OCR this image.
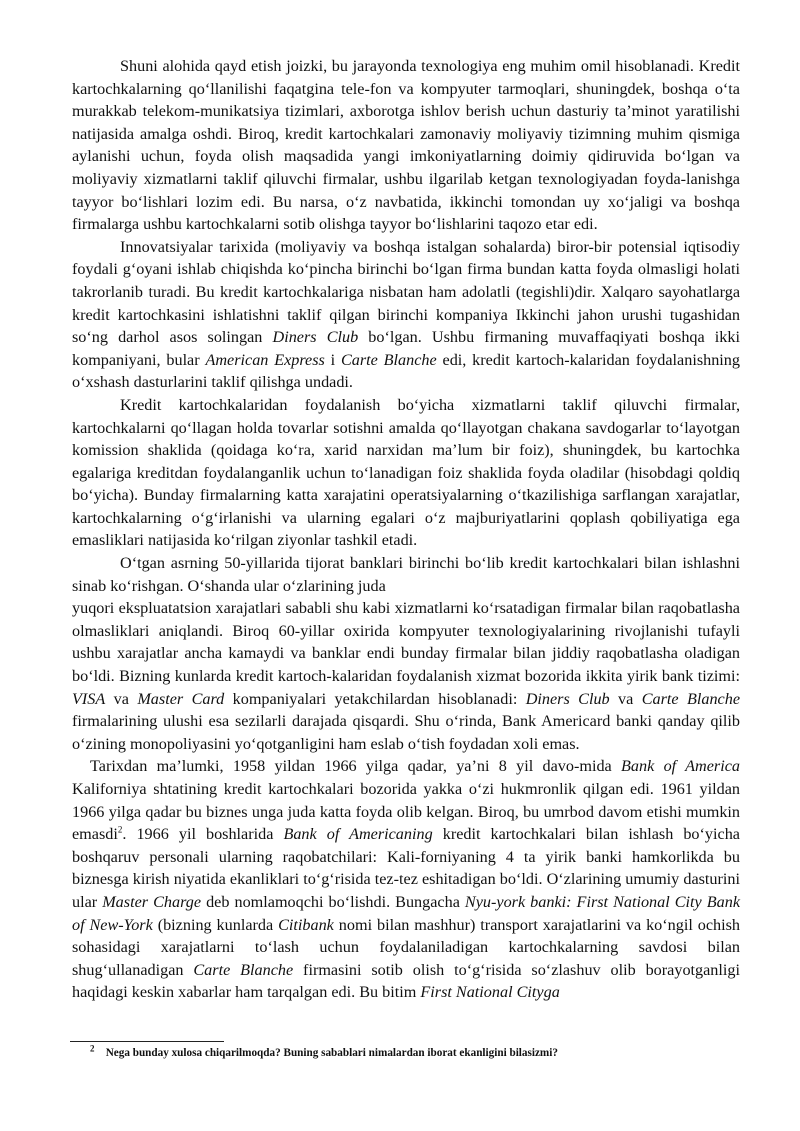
Shuni alohida qayd etish joizki, bu jarayonda texnologiya eng muhim omil hisoblanadi. Kredit kartochkalarning qo‘llanilishi faqatgina tele-fon va kompyuter tarmoqlari, shuningdek, boshqa o‘ta murakkab telekom-munikatsiya tizimlari, axborotga ishlov berish uchun dasturiy ta’minot yaratilishi natijasida amalga oshdi. Biroq, kredit kartochkalari zamonaviy moliyaviy tizimning muhim qismiga aylanishi uchun, foyda olish maqsadida yangi imkoniyatlarning doimiy qidiruvida bo‘lgan va moliyaviy xizmatlarni taklif qiluvchi firmalar, ushbu ilgarilab ketgan texnologiyadan foyda-lanishga tayyor bo‘lishlari lozim edi. Bu narsa, o‘z navbatida, ikkinchi tomondan uy xo‘jaligi va boshqa firmalarga ushbu kartochkalarni sotib olishga tayyor bo‘lishlarini taqozo etar edi.

Innovatsiyalar tarixida (moliyaviy va boshqa istalgan sohalarda) biror-bir potensial iqtisodiy foydali g‘oyani ishlab chiqishda ko‘pincha birinchi bo‘lgan firma bundan katta foyda olmasligi holati takrorlanib turadi. Bu kredit kartochkalariga nisbatan ham adolatli (tegishli)dir. Xalqaro sayohatlarga kredit kartochkasini ishlatishni taklif qilgan birinchi kompaniya Ikkinchi jahon urushi tugashidan so‘ng darhol asos solingan Diners Club bo‘lgan. Ushbu firmaning muvaffaqiyati boshqa ikki kompaniyani, bular American Express i Carte Blanche edi, kredit kartoch-kalaridan foydalanishning o‘xshash dasturlarini taklif qilishga undadi.

Kredit kartochkalaridan foydalanish bo‘yicha xizmatlarni taklif qiluvchi firmalar, kartochkalarni qo‘llagan holda tovarlar sotishni amalda qo‘llayotgan chakana savdogarlar to‘layotgan komission shaklida (qoidaga ko‘ra, xarid narxidan ma’lum bir foiz), shuningdek, bu kartochka egalariga kreditdan foydalanganlik uchun to‘lanadigan foiz shaklida foyda oladilar (hisobdagi qoldiq bo‘yicha). Bunday firmalarning katta xarajatini operatsiyalarning o‘tkazilishiga sarflangan xarajatlar, kartochkalarning o‘g‘irlanishi va ularning egalari o‘z majburiyatlarini qoplash qobiliyatiga ega emasliklari natijasida ko‘rilgan ziyonlar tashkil etadi.

O‘tgan asrning 50-yillarida tijorat banklari birinchi bo‘lib kredit kartochkalari bilan ishlashni sinab ko‘rishgan. O‘shanda ular o‘zlarining juda

yuqori ekspluatatsion xarajatlari sababli shu kabi xizmatlarni ko‘rsatadigan firmalar bilan raqobatlasha olmasliklari aniqlandi. Biroq 60-yillar oxirida kompyuter texnologiyalarining rivojlanishi tufayli ushbu xarajatlar ancha kamaydi va banklar endi bunday firmalar bilan jiddiy raqobatlasha oladigan bo‘ldi. Bizning kunlarda kredit kartoch-kalaridan foydalanish xizmat bozorida ikkita yirik bank tizimi: VISA va Master Card kompaniyalari yetakchilardan hisoblanadi: Diners Club va Carte Blanche firmalarining ulushi esa sezilarli darajada qisqardi. Shu o‘rinda, Bank Americard banki qanday qilib o‘zining monopoliyasini yo‘qotganligini ham eslab o‘tish foydadan xoli emas.

Tarixdan ma’lumki, 1958 yildan 1966 yilga qadar, ya’ni 8 yil davo-mida Bank of America Kaliforniya shtatining kredit kartochkalari bozorida yakka o‘zi hukmronlik qilgan edi. 1961 yildan 1966 yilga qadar bu biznes unga juda katta foyda olib kelgan. Biroq, bu umrbod davom etishi mumkin emasdi$^2$. 1966 yil boshlarida Bank of Americaning kredit kartochkalari bilan ishlash bo‘yicha boshqaruv personali ularning raqobatchilari: Kali-forniyaning 4 ta yirik banki hamkorlikda bu biznesga kirish niyatida ekanliklari to‘g‘risida tez-tez eshitadigan bo‘ldi. O‘zlarining umumiy dasturini ular Master Charge deb nomlamoqchi bo‘lishdi. Bungacha Nyu-york banki: First National City Bank of New-York (bizning kunlarda Citibank nomi bilan mashhur) transport xarajatlarini va ko‘ngil ochish sohasidagi xarajatlarni to‘lash uchun foydalaniladigan kartochkalarning savdosi bilan shug‘ullanadigan Carte Blanche firmasini sotib olish to‘g‘risida so‘zlashuv olib borayotganligi haqidagi keskin xabarlar ham tarqalgan edi. Bu bitim First National Cityga

$^2$ Nega bunday xulosa chiqarilmoqda? Buning sabablari nimalardan iborat ekanligini bilasizmi?
